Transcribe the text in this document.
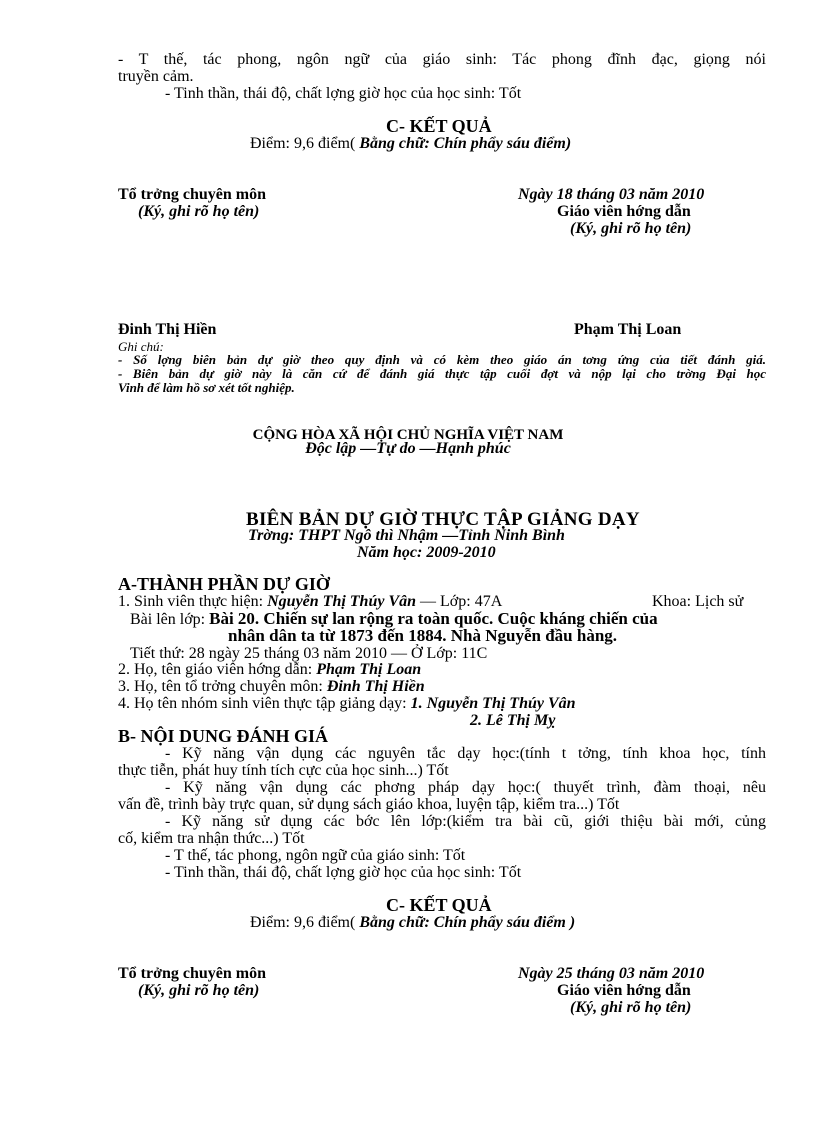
- T thế, tác phong, ngôn ngữ của giáo sinh: Tác phong đĩnh đạc, giọng nói
truyền cảm.
- Tinh thần, thái độ, chất lợng giờ học của học sinh: Tốt
C- KẾT QUẢ
Điểm: 9,6 điểm( Bằng chữ: Chín phẩy sáu điểm)
Tổ trởng chuyên môn
(Ký, ghi rõ họ tên)
Ngày 18 tháng 03 năm 2010
Giáo viên hớng dẫn
(Ký, ghi rõ họ tên)
Đinh Thị Hiền	Phạm Thị Loan
Ghi chú:
- Số lợng biên bản dự giờ theo quy định và có kèm theo giáo án tơng ứng của tiết đánh giá.
- Biên bản dự giờ này là căn cứ để đánh giá thực tập cuối đợt và nộp lại cho trờng Đại học
Vinh để làm hồ sơ xét tốt nghiệp.
CỘNG HÒA XÃ HỘI CHỦ NGHĨA VIỆT NAM
Độc lập —Tự do —Hạnh phúc
BIÊN BẢN DỰ GIỜ THỰC TẬP GIẢNG DẠY
Trờng: THPT Ngô thì Nhậm —Tỉnh Ninh Bình
Năm học: 2009-2010
A-THÀNH PHẦN DỰ GIỜ
1. Sinh viên thực hiện: Nguyễn Thị Thúy Vân — Lớp: 47A	Khoa: Lịch sử
Bài lên lớp: Bài 20. Chiến sự lan rộng ra toàn quốc. Cuộc kháng chiến của
nhân dân ta từ 1873 đến 1884. Nhà Nguyễn đầu hàng.
Tiết thứ: 28 ngày 25 tháng 03 năm 2010 — Ở Lớp: 11C
2. Họ, tên giáo viên hớng dẫn: Phạm Thị Loan
3. Họ, tên tổ trởng chuyên môn: Đinh Thị Hiền
4. Họ tên nhóm sinh viên thực tập giảng dạy: 1. Nguyễn Thị Thúy Vân
2. Lê Thị Mỵ
B- NỘI DUNG ĐÁNH GIÁ
- Kỹ năng vận dụng các nguyên tắc dạy học:(tính t tởng, tính khoa học, tính
thực tiễn, phát huy tính tích cực của học sinh...) Tốt
- Kỹ năng vận dụng các phơng pháp dạy học:( thuyết trình, đàm thoại, nêu
vấn đề, trình bày trực quan, sử dụng sách giáo khoa, luyện tập, kiểm tra...) Tốt
- Kỹ năng sử dụng các bớc lên lớp:(kiểm tra bài cũ, giới thiệu bài mới, củng
cố, kiểm tra nhận thức...) Tốt
- T thế, tác phong, ngôn ngữ của giáo sinh: Tốt
- Tinh thần, thái độ, chất lợng giờ học của học sinh: Tốt
C- KẾT QUẢ
Điểm: 9,6 điểm( Bằng chữ: Chín phẩy sáu điểm )
Tổ trởng chuyên môn
(Ký, ghi rõ họ tên)
Ngày 25 tháng 03 năm 2010
Giáo viên hớng dẫn
(Ký, ghi rõ họ tên)
